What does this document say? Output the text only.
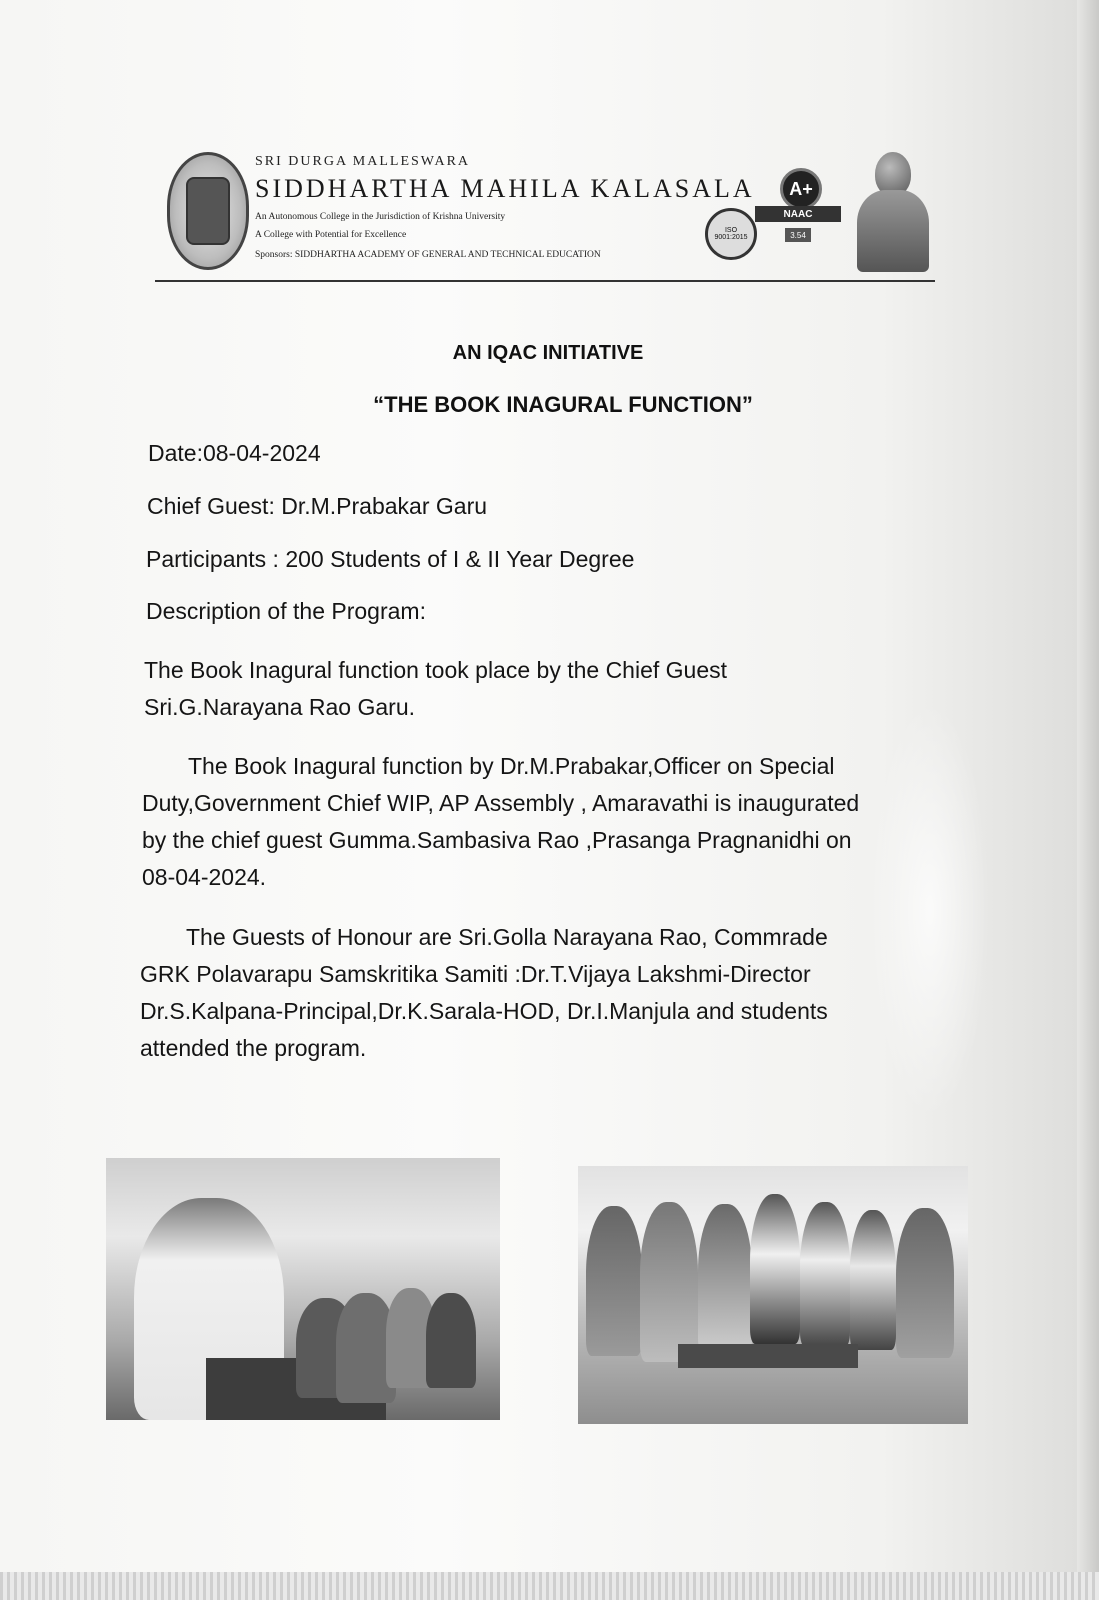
SRI DURGA MALLESWARA
SIDDHARTHA MAHILA KALASALA
An Autonomous College in the Jurisdiction of Krishna University
A College with Potential for Excellence
Sponsors: SIDDHARTHA ACADEMY OF GENERAL AND TECHNICAL EDUCATION
ISO 9001:2015
A+
NAAC
3.54
AN IQAC INITIATIVE
“THE BOOK INAGURAL FUNCTION”
Date:08-04-2024
Chief Guest: Dr.M.Prabakar Garu
Participants : 200 Students of I & II Year Degree
Description of the Program:
The Book Inagural function took place by the Chief Guest
Sri.G.Narayana Rao Garu.
The Book Inagural function by Dr.M.Prabakar,Officer on Special
Duty,Government Chief WIP, AP Assembly , Amaravathi is inaugurated
by the chief guest Gumma.Sambasiva Rao ,Prasanga Pragnanidhi on
08-04-2024.
The Guests of Honour are Sri.Golla Narayana Rao, Commrade
GRK Polavarapu Samskritika Samiti :Dr.T.Vijaya Lakshmi-Director
Dr.S.Kalpana-Principal,Dr.K.Sarala-HOD, Dr.I.Manjula and students
attended the program.
